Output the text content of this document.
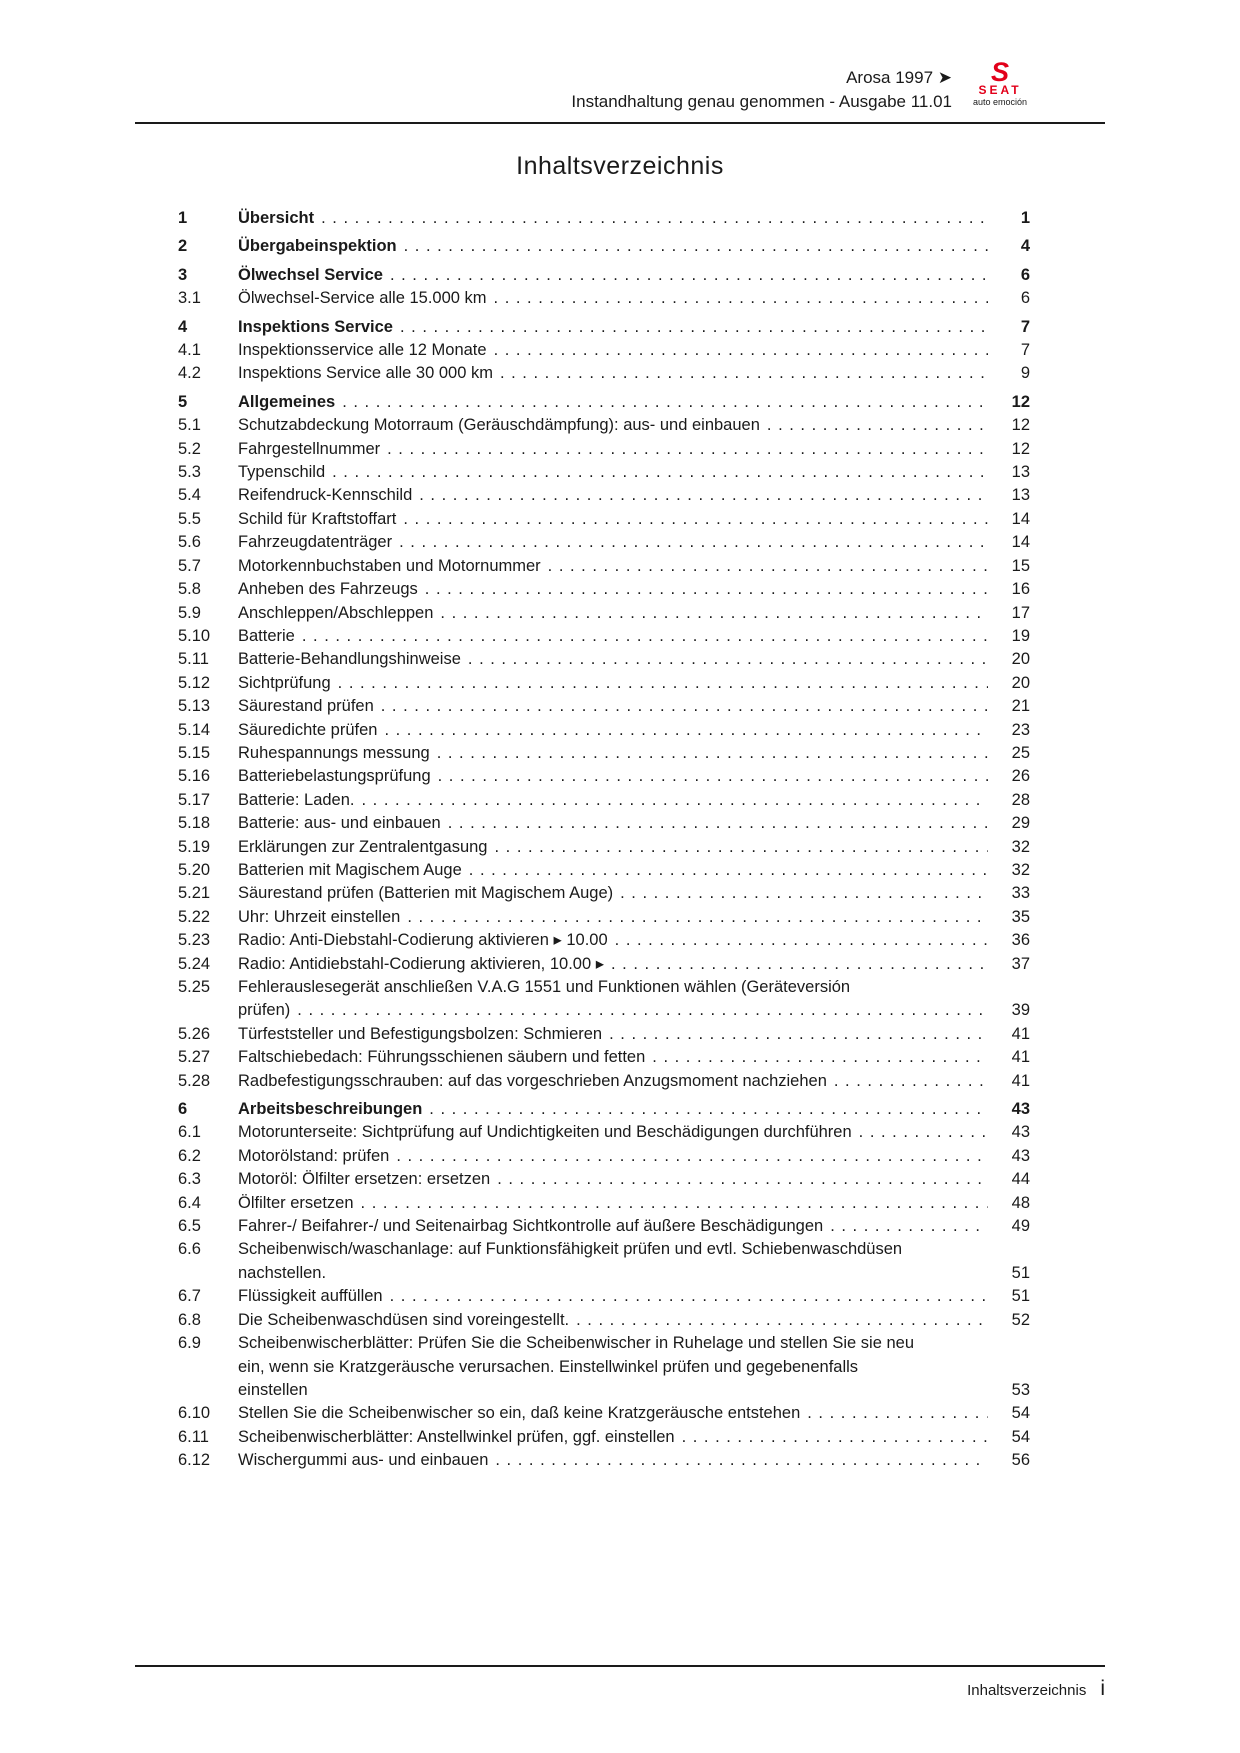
Arosa 1997 ➤
Instandhaltung genau genommen - Ausgabe 11.01
S
SEAT
auto emoción
Inhaltsverzeichnis
1	Übersicht . . .	1
2	Übergabeinspektion . . .	4
3	Ölwechsel Service . . .	6
3.1	Ölwechsel-Service alle 15.000 km . . .	6
4	Inspektions Service . . .	7
4.1	Inspektionsservice alle 12 Monate . . .	7
4.2	Inspektions Service alle 30 000 km . . .	9
5	Allgemeines . . .	12
5.1	Schutzabdeckung Motorraum (Geräuschdämpfung): aus- und einbauen . . .	12
5.2	Fahrgestellnummer . . .	12
5.3	Typenschild . . .	13
5.4	Reifendruck-Kennschild . . .	13
5.5	Schild für Kraftstoffart . . .	14
5.6	Fahrzeugdatenträger . . .	14
5.7	Motorkennbuchstaben und Motornummer . . .	15
5.8	Anheben des Fahrzeugs . . .	16
5.9	Anschleppen/Abschleppen . . .	17
5.10	Batterie . . .	19
5.11	Batterie-Behandlungshinweise . . .	20
5.12	Sichtprüfung . . .	20
5.13	Säurestand prüfen . . .	21
5.14	Säuredichte prüfen . . .	23
5.15	Ruhespannungs messung . . .	25
5.16	Batteriebelastungsprüfung . . .	26
5.17	Batterie: Laden. . . .	28
5.18	Batterie: aus- und einbauen . . .	29
5.19	Erklärungen zur Zentralentgasung . . .	32
5.20	Batterien mit Magischem Auge . . .	32
5.21	Säurestand prüfen (Batterien mit Magischem Auge) . . .	33
5.22	Uhr: Uhrzeit einstellen . . .	35
5.23	Radio: Anti-Diebstahl-Codierung aktivieren ▸ 10.00 . . .	36
5.24	Radio: Antidiebstahl-Codierung aktivieren, 10.00 ▸ . . .	37
5.25	Fehlerauslesegerät anschließen V.A.G 1551 und Funktionen wählen (Geräteversión
prüfen) . . .	39
5.26	Türfeststeller und Befestigungsbolzen: Schmieren . . .	41
5.27	Faltschiebedach: Führungsschienen säubern und fetten . . .	41
5.28	Radbefestigungsschrauben: auf das vorgeschrieben Anzugsmoment nachziehen . . .	41
6	Arbeitsbeschreibungen . . .	43
6.1	Motorunterseite: Sichtprüfung auf Undichtigkeiten und Beschädigungen durchführen . . .	43
6.2	Motorölstand: prüfen . . .	43
6.3	Motoröl: Ölfilter ersetzen: ersetzen . . .	44
6.4	Ölfilter ersetzen . . .	48
6.5	Fahrer-/ Beifahrer-/ und Seitenairbag Sichtkontrolle auf äußere Beschädigungen . . .	49
6.6	Scheibenwisch/waschanlage: auf Funktionsfähigkeit prüfen und evtl. Schiebenwaschdüsen
nachstellen.	51
6.7	Flüssigkeit auffüllen . . .	51
6.8	Die Scheibenwaschdüsen sind voreingestellt. . . .	52
6.9	Scheibenwischerblätter: Prüfen Sie die Scheibenwischer in Ruhelage und stellen Sie sie neu
ein, wenn sie Kratzgeräusche verursachen. Einstellwinkel prüfen und gegebenenfalls
einstellen	53
6.10	Stellen Sie die Scheibenwischer so ein, daß keine Kratzgeräusche entstehen . . .	54
6.11	Scheibenwischerblätter: Anstellwinkel prüfen, ggf. einstellen . . .	54
6.12	Wischergummi aus- und einbauen . . .	56
Inhaltsverzeichnis i
